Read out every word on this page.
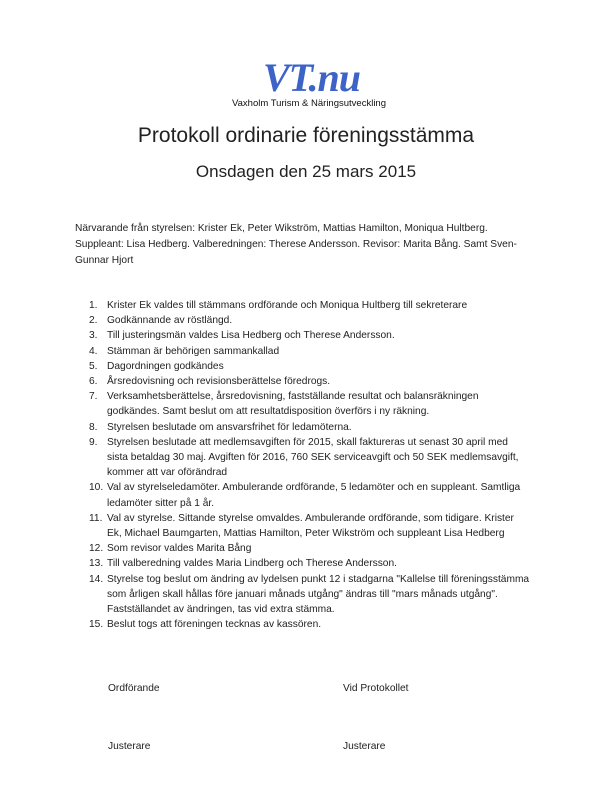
VT.nu
Vaxholm Turism & Näringsutveckling
Protokoll ordinarie föreningsstämma
Onsdagen den 25 mars 2015

Närvarande från styrelsen: Krister Ek, Peter Wikström, Mattias Hamilton, Moniqua Hultberg.

Suppleant: Lisa Hedberg. Valberedningen: Therese Andersson. Revisor: Marita Bång. Samt Sven-

Gunnar Hjort

1. Krister Ek valdes till stämmans ordförande och Moniqua Hultberg till sekreterare
2. Godkännande av röstlängd.
3. Till justeringsmän valdes Lisa Hedberg och Therese Andersson.
4. Stämman är behörigen sammankallad
5. Dagordningen godkändes
6. Årsredovisning och revisionsberättelse föredrogs.
7. Verksamhetsberättelse, årsredovisning, fastställande resultat och balansräkningen
godkändes. Samt beslut om att resultatdisposition överförs i ny räkning.
8. Styrelsen beslutade om ansvarsfrihet för ledamöterna.
9. Styrelsen beslutade att medlemsavgiften för 2015, skall faktureras ut senast 30 april med
sista betaldag 30 maj. Avgiften för 2016, 760 SEK serviceavgift och 50 SEK medlemsavgift,
kommer att var oförändrad
10. Val av styrelseledamöter. Ambulerande ordförande, 5 ledamöter och en suppleant. Samtliga
ledamöter sitter på 1 år.
11. Val av styrelse. Sittande styrelse omvaldes. Ambulerande ordförande, som tidigare. Krister
Ek, Michael Baumgarten, Mattias Hamilton, Peter Wikström och suppleant Lisa Hedberg
12. Som revisor valdes Marita Bång
13. Till valberedning valdes Maria Lindberg och Therese Andersson.
14. Styrelse tog beslut om ändring av lydelsen punkt 12 i stadgarna "Kallelse till föreningsstämma
som årligen skall hållas före januari månads utgång" ändras till "mars månads utgång".
Fastställandet av ändringen, tas vid extra stämma.
15. Beslut togs att föreningen tecknas av kassören.
Ordförande	Vid Protokollet
Justerare	Justerare
